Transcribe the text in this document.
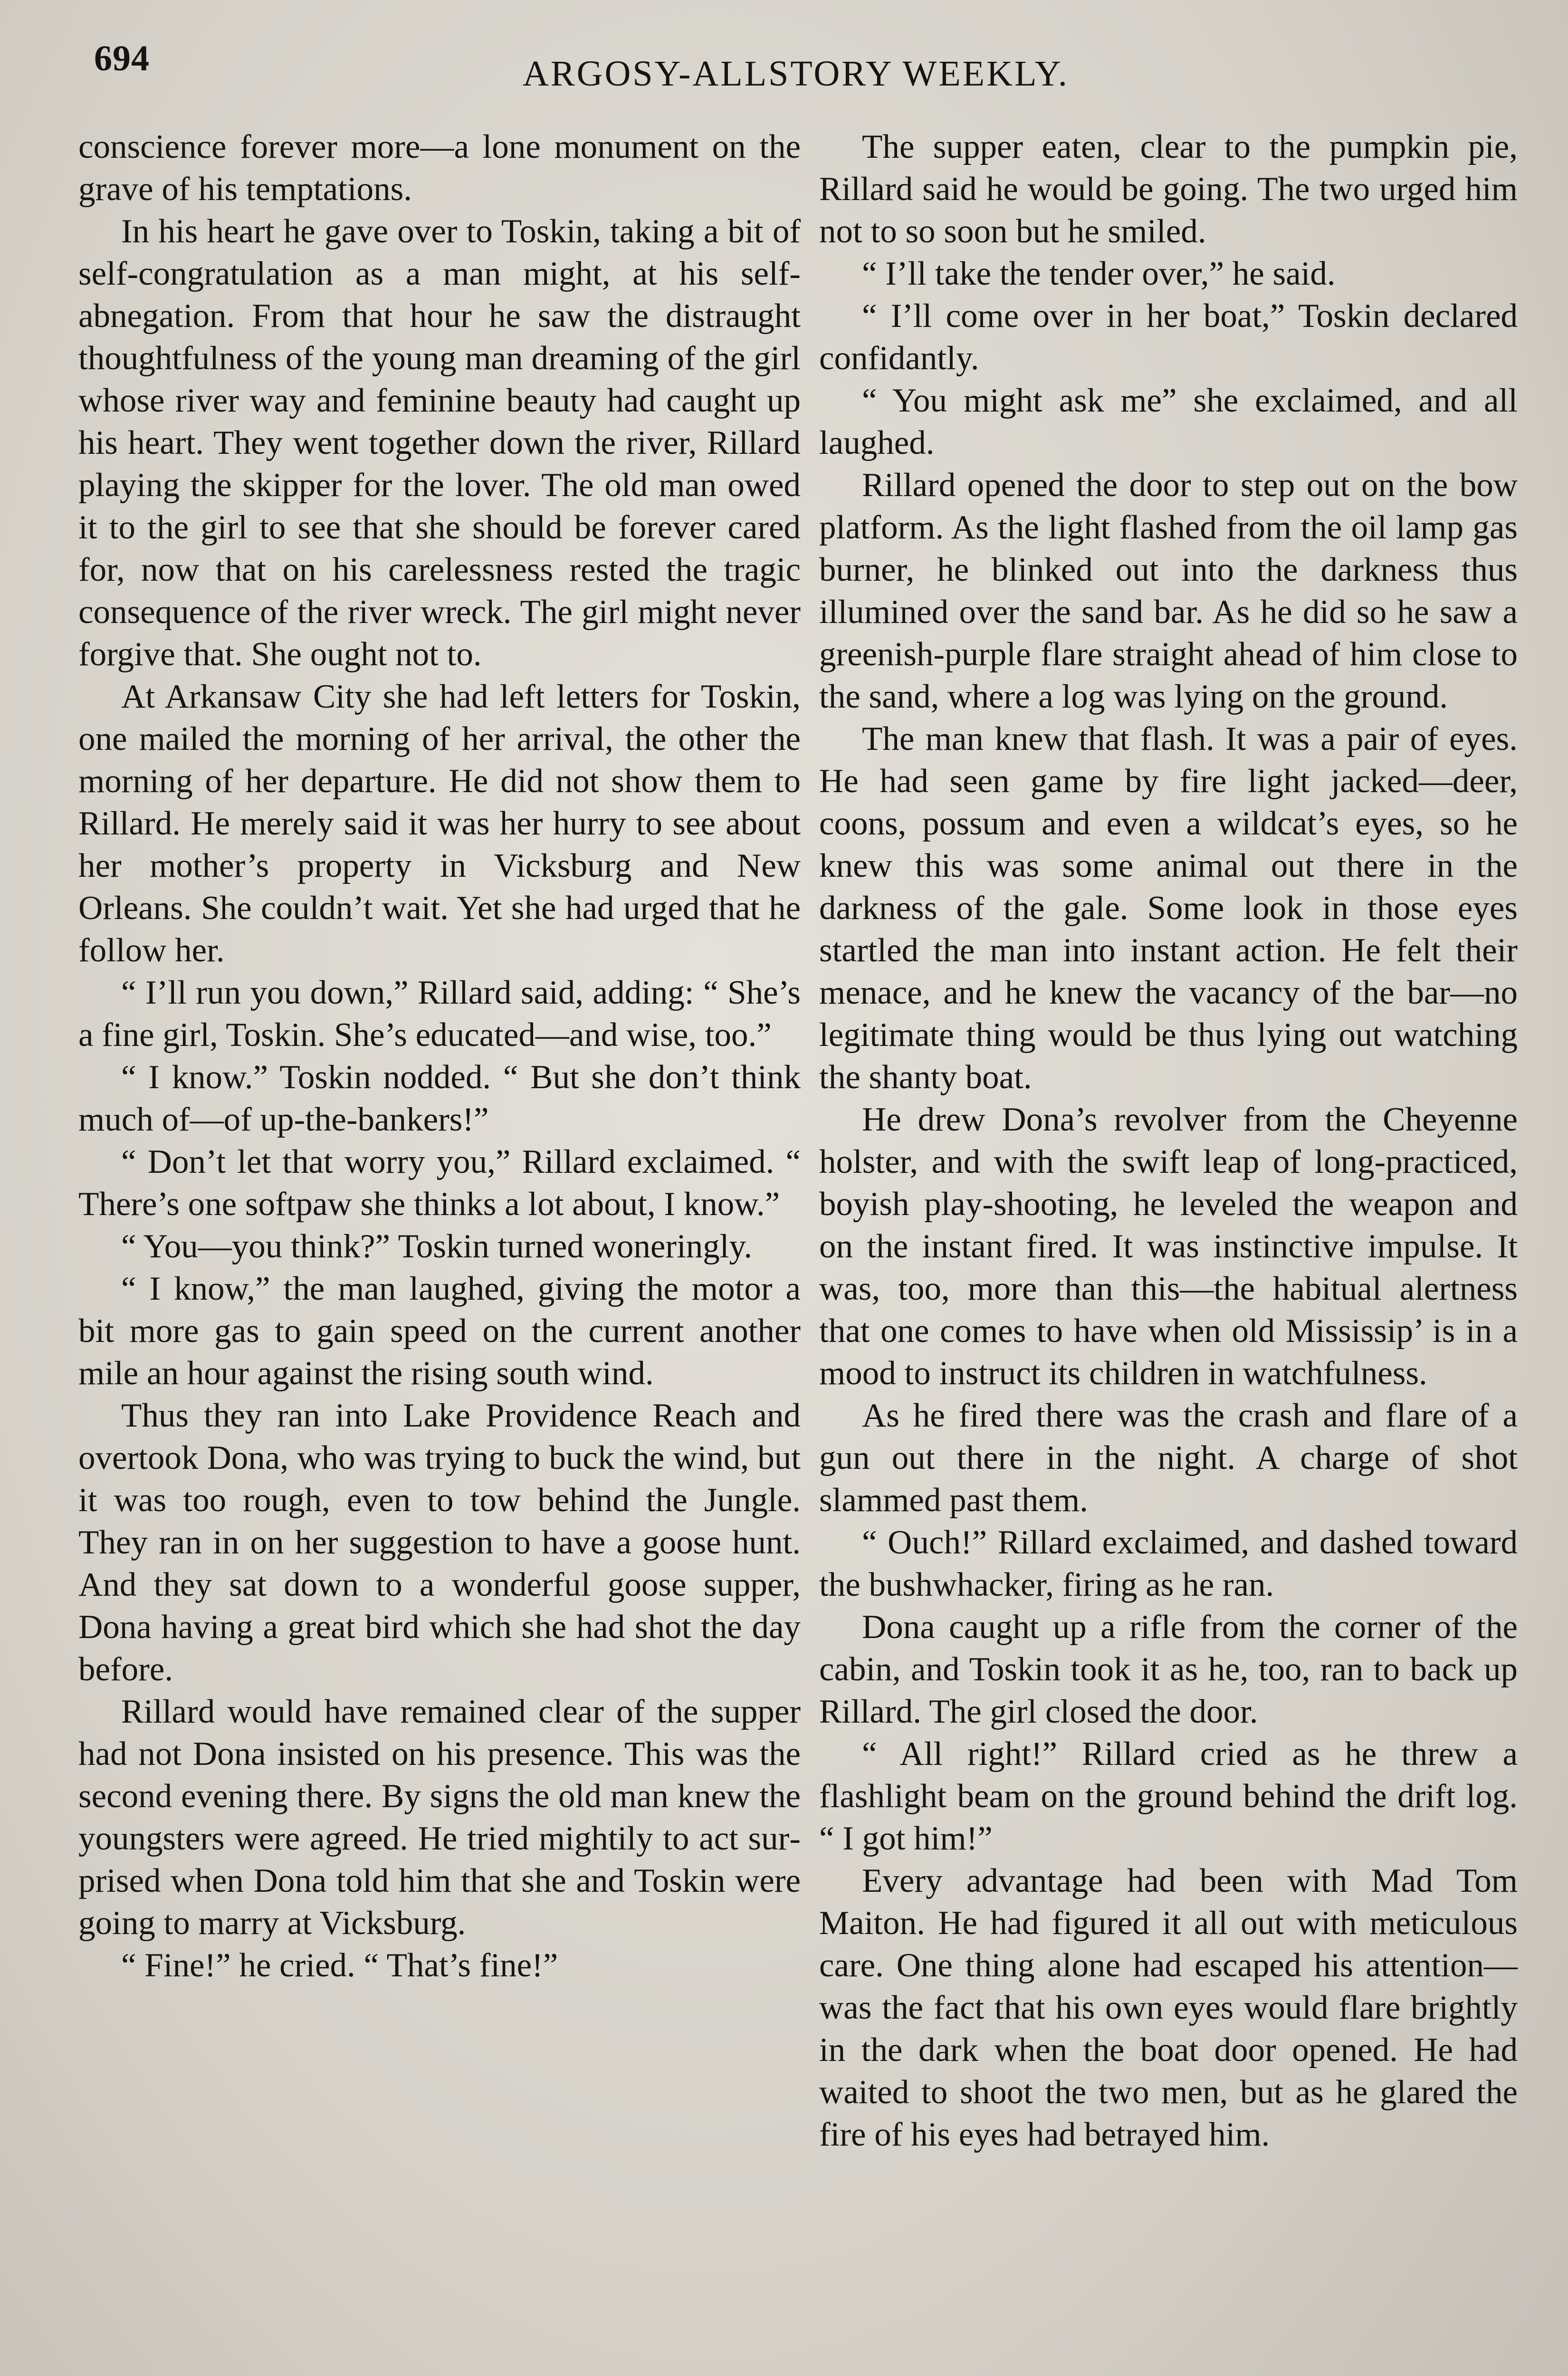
694	ARGOSY-ALLSTORY WEEKLY.

conscience forever more—a lone monument on the grave of his temptations.

In his heart he gave over to Toskin, taking a bit of self-congratulation as a man might, at his self-abnegation. From that hour he saw the distraught thoughtfulness of the young man dreaming of the girl whose river way and feminine beauty had caught up his heart. They went together down the river, Rillard playing the skipper for the lover. The old man owed it to the girl to see that she should be forever cared for, now that on his carelessness rested the tragic consequence of the river wreck. The girl might never forgive that. She ought not to.

At Arkansaw City she had left letters for Toskin, one mailed the morning of her arrival, the other the morning of her departure. He did not show them to Rillard. He merely said it was her hurry to see about her mother’s property in Vicksburg and New Orleans. She couldn’t wait. Yet she had urged that he follow her.

“ I’ll run you down,” Rillard said, adding: “ She’s a fine girl, Toskin. She’s educated—and wise, too.”

“ I know.” Toskin nodded. “ But she don’t think much of—of up-the-bankers!”

“ Don’t let that worry you,” Rillard exclaimed. “ There’s one softpaw she thinks a lot about, I know.”

“ You—you think?” Toskin turned woneringly.

“ I know,” the man laughed, giving the motor a bit more gas to gain speed on the current another mile an hour against the rising south wind.

Thus they ran into Lake Providence Reach and overtook Dona, who was trying to buck the wind, but it was too rough, even to tow behind the Jungle. They ran in on her suggestion to have a goose hunt. And they sat down to a wonderful goose supper, Dona having a great bird which she had shot the day before.

Rillard would have remained clear of the supper had not Dona insisted on his presence. This was the second evening there. By signs the old man knew the youngsters were agreed. He tried mightily to act surprised when Dona told him that she and Toskin were going to marry at Vicksburg.

“ Fine!” he cried. “ That’s fine!”

The supper eaten, clear to the pumpkin pie, Rillard said he would be going. The two urged him not to so soon but he smiled.

“ I’ll take the tender over,” he said.

“ I’ll come over in her boat,” Toskin declared confidantly.

“ You might ask me” she exclaimed, and all laughed.

Rillard opened the door to step out on the bow platform. As the light flashed from the oil lamp gas burner, he blinked out into the darkness thus illumined over the sand bar. As he did so he saw a greenish-purple flare straight ahead of him close to the sand, where a log was lying on the ground.

The man knew that flash. It was a pair of eyes. He had seen game by fire light jacked—deer, coons, possum and even a wildcat’s eyes, so he knew this was some animal out there in the darkness of the gale. Some look in those eyes startled the man into instant action. He felt their menace, and he knew the vacancy of the bar—no legitimate thing would be thus lying out watching the shanty boat.

He drew Dona’s revolver from the Cheyenne holster, and with the swift leap of long-practiced, boyish play-shooting, he leveled the weapon and on the instant fired. It was instinctive impulse. It was, too, more than this—the habitual alertness that one comes to have when old Mississip’ is in a mood to instruct its children in watchfulness.

As he fired there was the crash and flare of a gun out there in the night. A charge of shot slammed past them.

“ Ouch!” Rillard exclaimed, and dashed toward the bushwhacker, firing as he ran.

Dona caught up a rifle from the corner of the cabin, and Toskin took it as he, too, ran to back up Rillard. The girl closed the door.

“ All right!” Rillard cried as he threw a flashlight beam on the ground behind the drift log. “ I got him!”

Every advantage had been with Mad Tom Maiton. He had figured it all out with meticulous care. One thing alone had escaped his attention—was the fact that his own eyes would flare brightly in the dark when the boat door opened. He had waited to shoot the two men, but as he glared the fire of his eyes had betrayed him.
